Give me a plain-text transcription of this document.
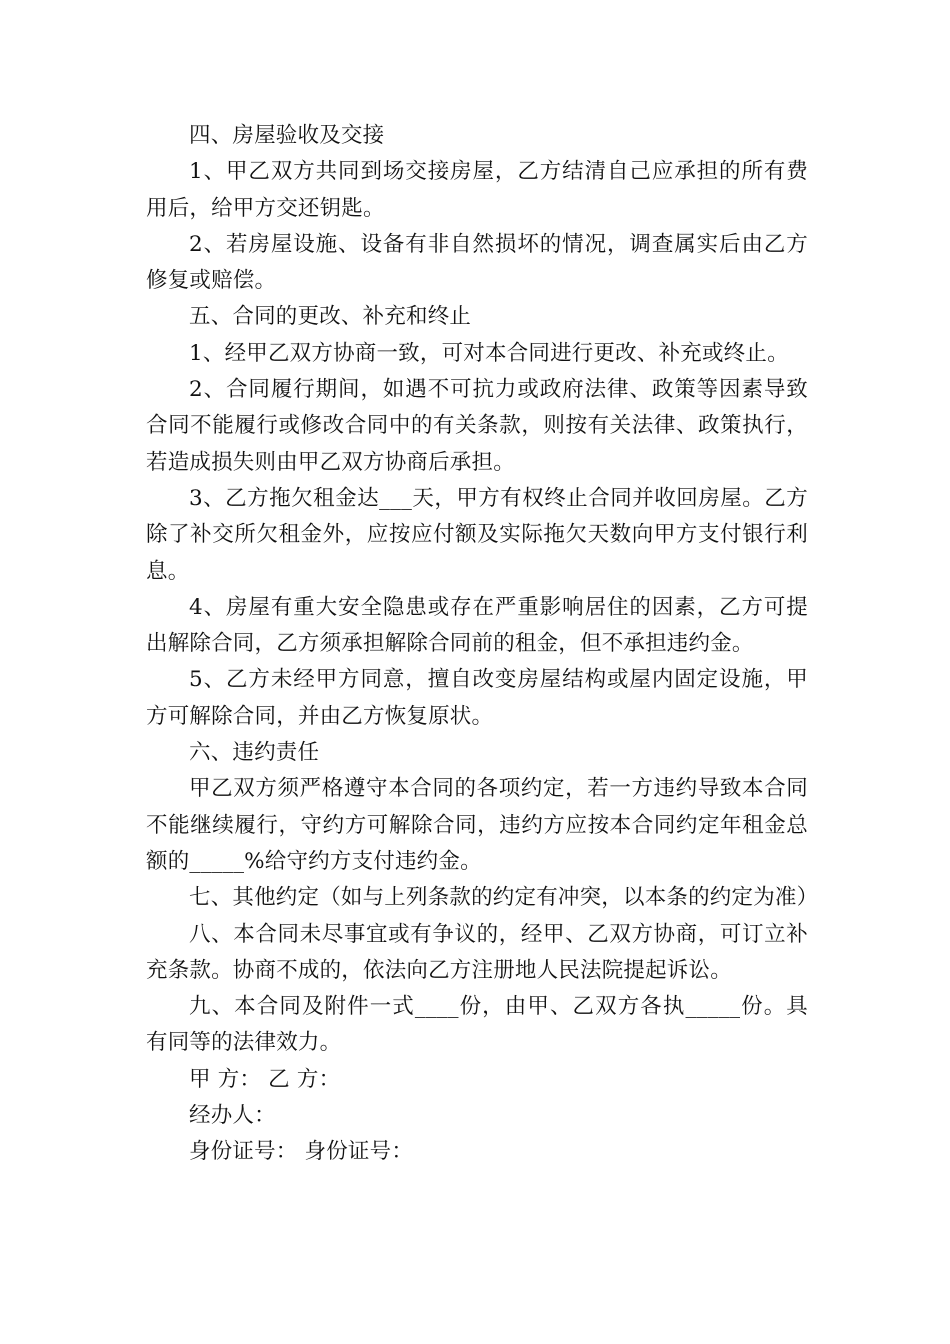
四、房屋验收及交接

1、甲乙双方共同到场交接房屋，乙方结清自己应承担的所有费用后，给甲方交还钥匙。

2、若房屋设施、设备有非自然损坏的情况，调查属实后由乙方修复或赔偿。

五、合同的更改、补充和终止

1、经甲乙双方协商一致，可对本合同进行更改、补充或终止。

2、合同履行期间，如遇不可抗力或政府法律、政策等因素导致合同不能履行或修改合同中的有关条款，则按有关法律、政策执行，若造成损失则由甲乙双方协商后承担。

3、乙方拖欠租金达___天，甲方有权终止合同并收回房屋。乙方除了补交所欠租金外，应按应付额及实际拖欠天数向甲方支付银行利息。

4、房屋有重大安全隐患或存在严重影响居住的因素，乙方可提出解除合同，乙方须承担解除合同前的租金，但不承担违约金。

5、乙方未经甲方同意，擅自改变房屋结构或屋内固定设施，甲方可解除合同，并由乙方恢复原状。

六、违约责任

甲乙双方须严格遵守本合同的各项约定，若一方违约导致本合同不能继续履行，守约方可解除合同，违约方应按本合同约定年租金总额的_____%给守约方支付违约金。

七、其他约定（如与上列条款的约定有冲突，以本条的约定为准）

八、本合同未尽事宜或有争议的，经甲、乙双方协商，可订立补充条款。协商不成的，依法向乙方注册地人民法院提起诉讼。

九、本合同及附件一式____份，由甲、乙双方各执_____份。具有同等的法律效力。

甲 方： 乙 方：

经办人：

身份证号： 身份证号：
